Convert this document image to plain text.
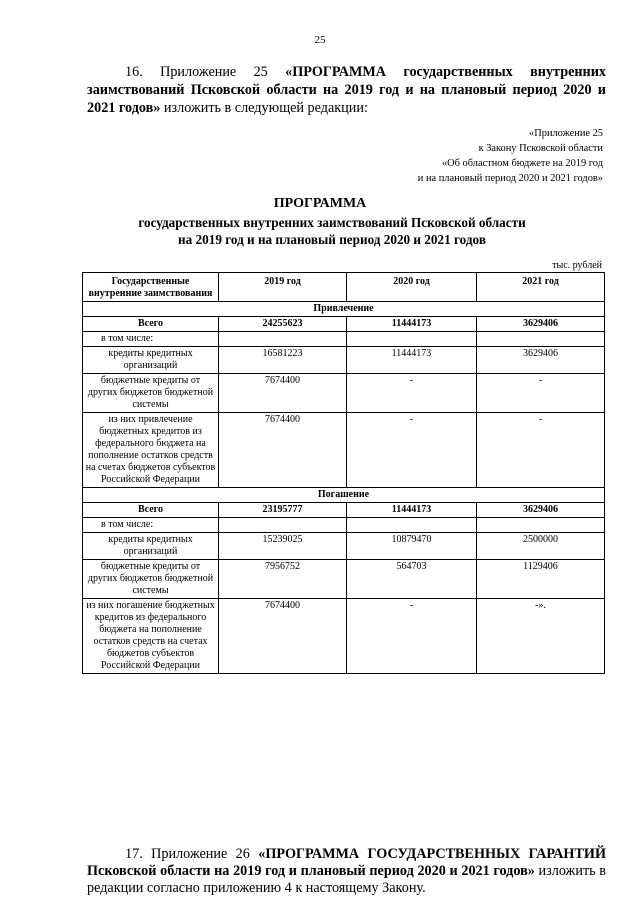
25

16. Приложение 25 «ПРОГРАММА государственных внутренних заимствований Псковской области на 2019 год и на плановый период 2020 и 2021 годов» изложить в следующей редакции:

«Приложение 25
к Закону Псковской области
«Об областном бюджете на 2019 год
и на плановый период 2020 и 2021 годов»
ПРОГРАММА
государственных внутренних заимствований Псковской области
на 2019 год и на плановый период 2020 и 2021 годов
тыс. рублей
Государственные внутренние заимствования	2019 год	2020 год	2021 год
Привлечение			
Всего	24255623	11444173	3629406
в том числе:			
кредиты кредитных организаций	16581223	11444173	3629406
бюджетные кредиты от других бюджетов бюджетной системы	7674400	-	-
из них привлечение бюджетных кредитов из федерального бюджета на пополнение остатков средств на счетах бюджетов субъектов Российской Федерации	7674400	-	-
Погашение			
Всего	23195777	11444173	3629406
в том числе:			
кредиты кредитных организаций	15239025	10879470	2500000
бюджетные кредиты от других бюджетов бюджетной системы	7956752	564703	1129406
из них погашение бюджетных кредитов из федерального бюджета на пополнение остатков средств на счетах бюджетов субъектов Российской Федерации	7674400	-	-».

17. Приложение 26 «ПРОГРАММА ГОСУДАРСТВЕННЫХ ГАРАНТИЙ Псковской области на 2019 год и плановый период 2020 и 2021 годов» изложить в редакции согласно приложению 4 к настоящему Закону.
